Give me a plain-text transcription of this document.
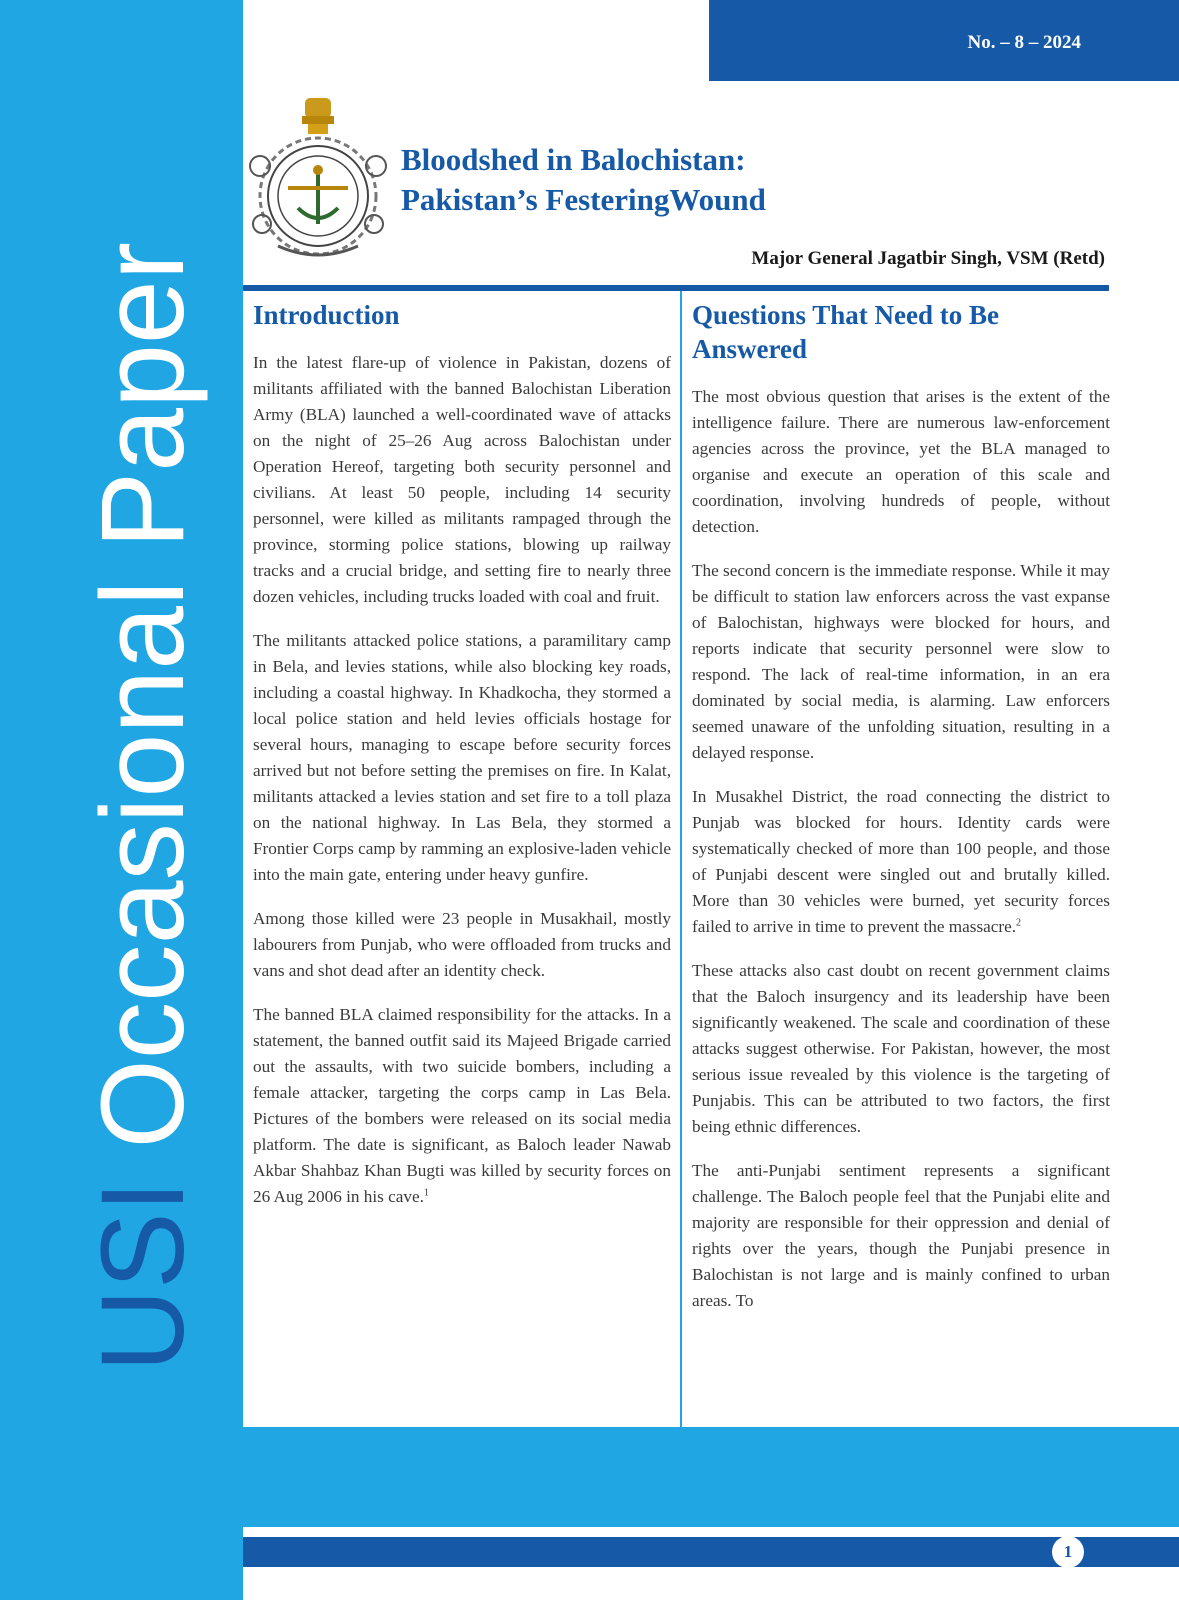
USI Occasional Paper
No. – 8 – 2024
Bloodshed in Balochistan:
Pakistan’s FesteringWound
Major General Jagatbir Singh, VSM (Retd)
Introduction

In the latest flare-up of violence in Pakistan, dozens of militants affiliated with the banned Balochistan Liberation Army (BLA) launched a well-coordinated wave of attacks on the night of 25–26 Aug across Balochistan under Operation Hereof, targeting both security personnel and civilians. At least 50 people, including 14 security personnel, were killed as militants rampaged through the province, storming police stations, blowing up railway tracks and a crucial bridge, and setting fire to nearly three dozen vehicles, including trucks loaded with coal and fruit.

The militants attacked police stations, a paramilitary camp in Bela, and levies stations, while also blocking key roads, including a coastal highway. In Khadkocha, they stormed a local police station and held levies officials hostage for several hours, managing to escape before security forces arrived but not before setting the premises on fire. In Kalat, militants attacked a levies station and set fire to a toll plaza on the national highway. In Las Bela, they stormed a Frontier Corps camp by ramming an explosive-laden vehicle into the main gate, entering under heavy gunfire.

Among those killed were 23 people in Musakhail, mostly labourers from Punjab, who were offloaded from trucks and vans and shot dead after an identity check.

The banned BLA claimed responsibility for the attacks. In a statement, the banned outfit said its Majeed Brigade carried out the assaults, with two suicide bombers, including a female attacker, targeting the corps camp in Las Bela. Pictures of the bombers were released on its social media platform. The date is significant, as Baloch leader Nawab Akbar Shahbaz Khan Bugti was killed by security forces on 26 Aug 2006 in his cave.$^1$

Questions That Need to Be Answered

The most obvious question that arises is the extent of the intelligence failure. There are numerous law-enforcement agencies across the province, yet the BLA managed to organise and execute an operation of this scale and coordination, involving hundreds of people, without detection.

The second concern is the immediate response. While it may be difficult to station law enforcers across the vast expanse of Balochistan, highways were blocked for hours, and reports indicate that security personnel were slow to respond. The lack of real-time information, in an era dominated by social media, is alarming. Law enforcers seemed unaware of the unfolding situation, resulting in a delayed response.

In Musakhel District, the road connecting the district to Punjab was blocked for hours. Identity cards were systematically checked of more than 100 people, and those of Punjabi descent were singled out and brutally killed. More than 30 vehicles were burned, yet security forces failed to arrive in time to prevent the massacre.$^2$

These attacks also cast doubt on recent government claims that the Baloch insurgency and its leadership have been significantly weakened. The scale and coordination of these attacks suggest otherwise. For Pakistan, however, the most serious issue revealed by this violence is the targeting of Punjabis. This can be attributed to two factors, the first being ethnic differences.

The anti-Punjabi sentiment represents a significant challenge. The Baloch people feel that the Punjabi elite and majority are responsible for their oppression and denial of rights over the years, though the Punjabi presence in Balochistan is not large and is mainly confined to urban areas. To

1
